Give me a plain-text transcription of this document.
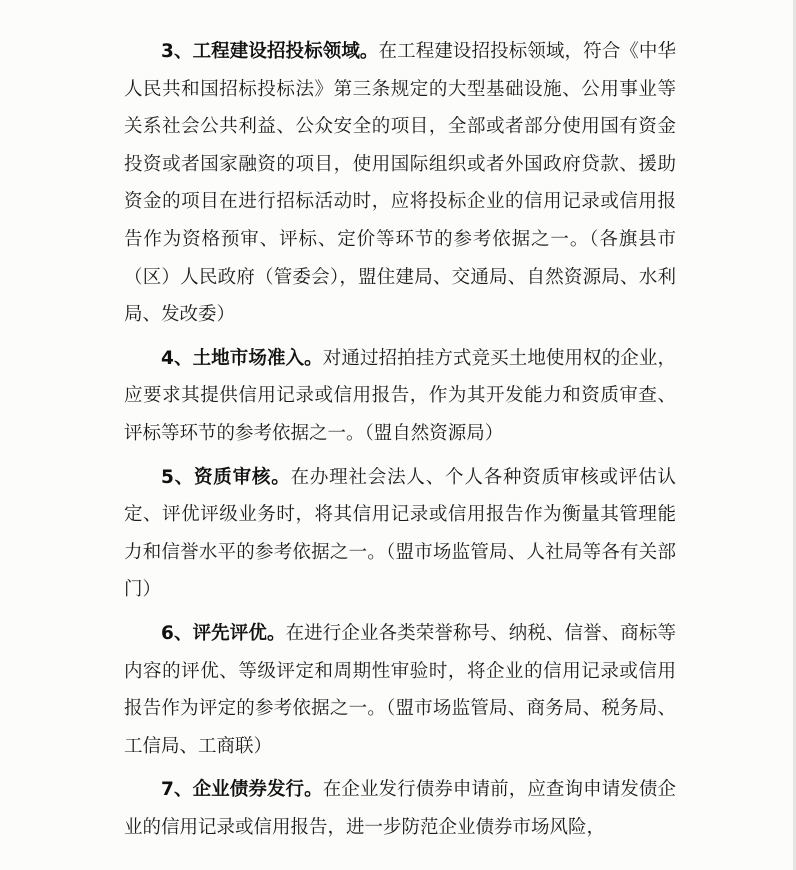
3、工程建设招投标领域。在工程建设招投标领域，符合《中华人民共和国招标投标法》第三条规定的大型基础设施、公用事业等关系社会公共利益、公众安全的项目，全部或者部分使用国有资金投资或者国家融资的项目，使用国际组织或者外国政府贷款、援助资金的项目在进行招标活动时，应将投标企业的信用记录或信用报告作为资格预审、评标、定价等环节的参考依据之一。（各旗县市（区）人民政府（管委会），盟住建局、交通局、自然资源局、水利局、发改委）

4、土地市场准入。对通过招拍挂方式竞买土地使用权的企业，应要求其提供信用记录或信用报告，作为其开发能力和资质审查、评标等环节的参考依据之一。（盟自然资源局）

5、资质审核。在办理社会法人、个人各种资质审核或评估认定、评优评级业务时，将其信用记录或信用报告作为衡量其管理能力和信誉水平的参考依据之一。（盟市场监管局、人社局等各有关部门）

6、评先评优。在进行企业各类荣誉称号、纳税、信誉、商标等内容的评优、等级评定和周期性审验时，将企业的信用记录或信用报告作为评定的参考依据之一。（盟市场监管局、商务局、税务局、工信局、工商联）

7、企业债券发行。在企业发行债券申请前，应查询申请发债企业的信用记录或信用报告，进一步防范企业债券市场风险，
